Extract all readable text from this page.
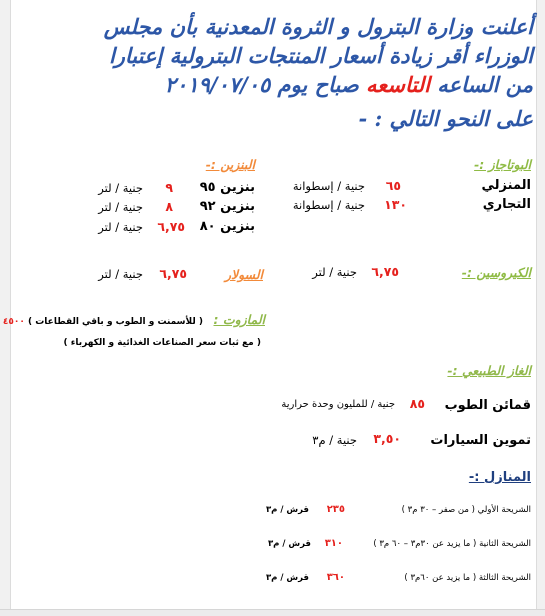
أعلنت وزارة البترول و الثروة المعدنية بأن مجلس
الوزراء أقر زيادة أسعار المنتجات البترولية إعتبارا
من الساعه التاسعه صباح يوم ٢٠١٩/٠٧/٠٥
على النحو التالي : -
البوتاجاز :-
المنزلي
٦٥
جنية / إسطوانة
التجاري
١٣٠
جنية / إسطوانة
البنزين :-
بنزين ٩٥
٩
جنية / لتر
بنزين ٩٢
٨
جنية / لتر
بنزين ٨٠
٦,٧٥
جنية / لتر
الكيروسين :-
٦,٧٥
جنية / لتر
السولار
٦,٧٥
جنية / لتر
المازوت :
( للأسمنت و الطوب و باقي القطاعات ) ٤٥٠٠
( مع ثبات سعر الصناعات الغذائية و الكهرباء )
الغاز الطبيعي :-
قمائن الطوب
٨٥
جنية / للمليون وحدة حرارية
تموين السيارات
٣,٥٠
جنية / م٣
المنازل :-
الشريحة الأولي ( من صفر – ٣٠ م٣ )
٢٣٥
قرش / م٣
الشريحة الثانية ( ما يزيد عن ٣٠م٣ – ٦٠ م٣ )
٣١٠
قرش / م٣
الشريحة الثالثة ( ما يزيد عن ٦٠م٣ )
٣٦٠
قرش / م٣
